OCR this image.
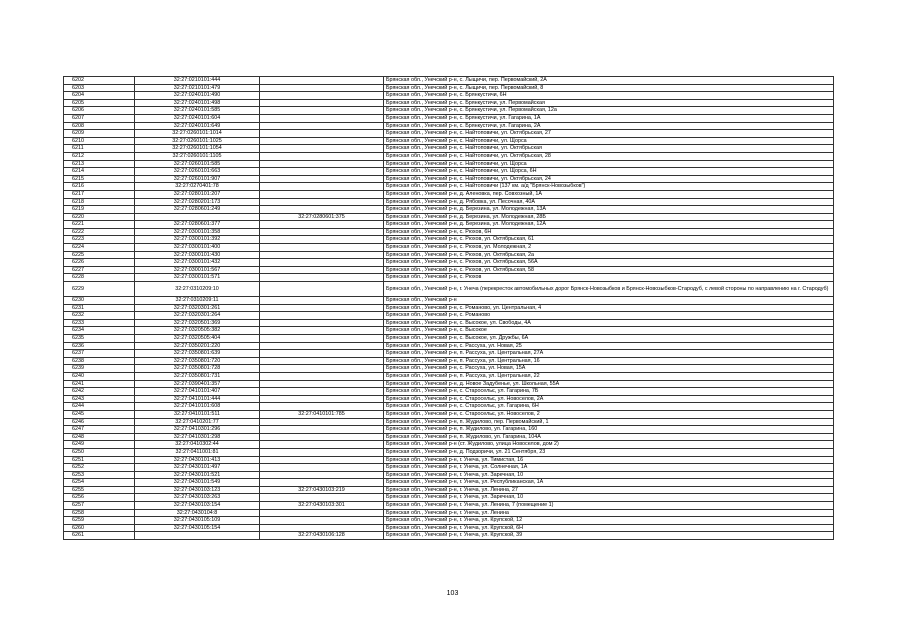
6202	32:27:0210101:444		Брянская обл., Унечский р-н, с. Лыщичи, пер. Первомайский, 2А
6203	32:27:0210101:479		Брянская обл., Унечский р-н, с. Лыщичи, пер. Первомайский, 8
6204	32:27:0240101:490		Брянская обл., Унечский р-н, с. Брянкустичи, 6Н
6205	32:27:0240101:498		Брянская обл., Унечский р-н, с. Брянкустичи, ул. Первомайская
6206	32:27:0240101:585		Брянская обл., Унечский р-н, с. Брянкустичи, ул. Первомайская, 12а
6207	32:27:0240101:604		Брянская обл., Унечский р-н, с. Брянкустичи, ул. Гагарина, 1А
6208	32:27:0240101:649		Брянская обл., Унечский р-н, с. Брянкустичи, ул. Гагарина, 2А
6209	32:27:0260101:1014		Брянская обл., Унечский р-н, с. Найтоповичи, ул. Октябрьская, 27
6210	32:27:0260101:1025		Брянская обл., Унечский р-н, с. Найтоповичи, ул. Щорса
6211	32:27:0260101:1054		Брянская обл., Унечский р-н, с. Найтоповичи, ул. Октябрьская
6212	32:27:0260101:1105		Брянская обл., Унечский р-н, с. Найтоповичи, ул. Октябрьская, 28
6213	32:27:0260101:585		Брянская обл., Унечский р-н, с. Найтоповичи, ул. Щорса
6214	32:27:0260101:663		Брянская обл., Унечский р-н, с. Найтоповичи, ул. Щорса, 6Н
6215	32:27:0260101:907		Брянская обл., Унечский р-н, с. Найтоповичи, ул. Октябрьская, 24
6216	32:27:0270401:78		Брянская обл., Унечский р-н, с. Найтоповичи (137 км. а/д "Брянск-Новозыбков")
6217	32:27:0280101:207		Брянская обл., Унечский р-н, д. Аленовка, пер. Совхозный, 1А
6218	32:27:0280201:173		Брянская обл., Унечский р-н, д. Рябовка, ул. Песочная, 40А
6219	32:27:0280601:249		Брянская обл., Унечский р-н, д. Березина, ул. Молодежная, 13А
6220		32:27:0280601:375	Брянская обл., Унечский р-н, д. Березина, ул. Молодежная, 28Б
6221	32:27:0280601:377		Брянская обл., Унечский р-н, д. Березина, ул. Молодежная, 12А
6222	32:27:0300101:358		Брянская обл., Унечский р-н, с. Рюхов, 6Н
6223	32:27:0300101:392		Брянская обл., Унечский р-н, с. Рюхов, ул. Октябрьская, 61
6224	32:27:0300101:400		Брянская обл., Унечский р-н, с. Рюхов, ул. Молодежная, 2
6225	32:27:0300101:430		Брянская обл., Унечский р-н, с. Рюхов, ул. Октябрьская, 2а
6226	32:27:0300101:432		Брянская обл., Унечский р-н, с. Рюхов, ул. Октябрьская, 56А
6227	32:27:0300101:567		Брянская обл., Унечский р-н, с. Рюхов, ул. Октябрьская, 58
6228	32:27:0300101:571		Брянская обл., Унечский р-н, с. Рюхов
6229	32:27:0310209:10		Брянская обл., Унечский р-н, г. Унеча (перекресток автомобильных дорог Брянск-Новозыбков и Брянск-Новозыбков-Стародуб, с левой стороны по направлению на г. Стародуб)
6230	32:27:0310209:11		Брянская обл., Унечский р-н
6231	32:27:0320301:261		Брянская обл., Унечский р-н, с. Романово, ул. Центральная, 4
6232	32:27:0320301:264		Брянская обл., Унечский р-н, с. Романово
6233	32:27:0320501:369		Брянская обл., Унечский р-н, с. Высокое, ул. Свободы, 4А
6234	32:27:0320505:382		Брянская обл., Унечский р-н, с. Высокое
6235	32:27:0320505:404		Брянская обл., Унечский р-н, с. Высокое, ул. Дружбы, 6А
6236	32:27:0350201:220		Брянская обл., Унечский р-н, с. Рассуха, ул. Новая, 25
6237	32:27:0350801:639		Брянская обл., Унечский р-н, п. Рассуха, ул. Центральная, 27А
6238	32:27:0350801:720		Брянская обл., Унечский р-н, п. Рассуха, ул. Центральная, 16
6239	32:27:0350801:728		Брянская обл., Унечский р-н, с. Рассуха, ул. Новая, 15А
6240	32:27:0350801:731		Брянская обл., Унечский р-н, п. Рассуха, ул. Центральная, 22
6241	32:27:0390401:357		Брянская обл., Унечский р-н, д. Новое Задубенье, ул. Школьная, 55А
6242	32:27:0410101:407		Брянская обл., Унечский р-н, с. Старосельє, ул. Гагарина, 7Б
6243	32:27:0410101:444		Брянская обл., Унечский р-н, с. Старосельє, ул. Новоселов, 2А
6244	32:27:0410101:608		Брянская обл., Унечский р-н, с. Старосельє, ул. Гагарина, 6Н
6245	32:27:0410101:511	32:27:0410101:785	Брянская обл., Унечский р-н, с. Старосельє, ул. Новоселов, 2
6246	32:27:0410201:77		Брянская обл., Унечский р-н, п. Жудилово, пер. Первомайский, 1
6247	32:27:0410301:296		Брянская обл., Унечский р-н, п. Жудилово, ул. Гагарина, 160
6248	32:27:0410301:298		Брянская обл., Унечский р-н, п. Жудилово, ул. Гагарина, 104А
6249	32:27:0410302:44		Брянская обл., Унечский р-н (ст. Жудилово, улица Новоселов, дом 2)
6250	32:27:0411001:81		Брянская обл., Унечский р-н, д. Подзоричи, ул. 21 Сентября, 23
6251	32:27:0430101:413		Брянская обл., Унечский р-н, г. Унеча, ул. Тимистая, 16
6252	32:27:0430101:497		Брянская обл., Унечский р-н, г. Унеча, ул. Солнечная, 1А
6253	32:27:0430101:521		Брянская обл., Унечский р-н, г. Унеча, ул. Заречная, 10
6254	32:27:0430101:549		Брянская обл., Унечский р-н, г. Унеча, ул. Республиканская, 1А
6255	32:27:0430103:123	32:27:0430103:219	Брянская обл., Унечский р-н, г. Унеча, ул. Ленина, 27
6256	32:27:0430103:263		Брянская обл., Унечский р-н, г. Унеча, ул. Заречная, 10
6257	32:27:0430103:154	32:27:0430103:301	Брянская обл., Унечский р-н, г. Унеча, ул. Ленина, 7 (помещение 1)
6258	32:27:0430104:8		Брянская обл., Унечский р-н, г. Унеча, ул. Ленина
6259	32:27:0430105:109		Брянская обл., Унечский р-н, г. Унеча, ул. Крупской, 12
6260	32:27:0430105:154		Брянская обл., Унечский р-н, г. Унеча, ул. Крупской, 6Н
6261		32:27:0430106:128	Брянская обл., Унечский р-н, г. Унеча, ул. Крупской, 39
103
